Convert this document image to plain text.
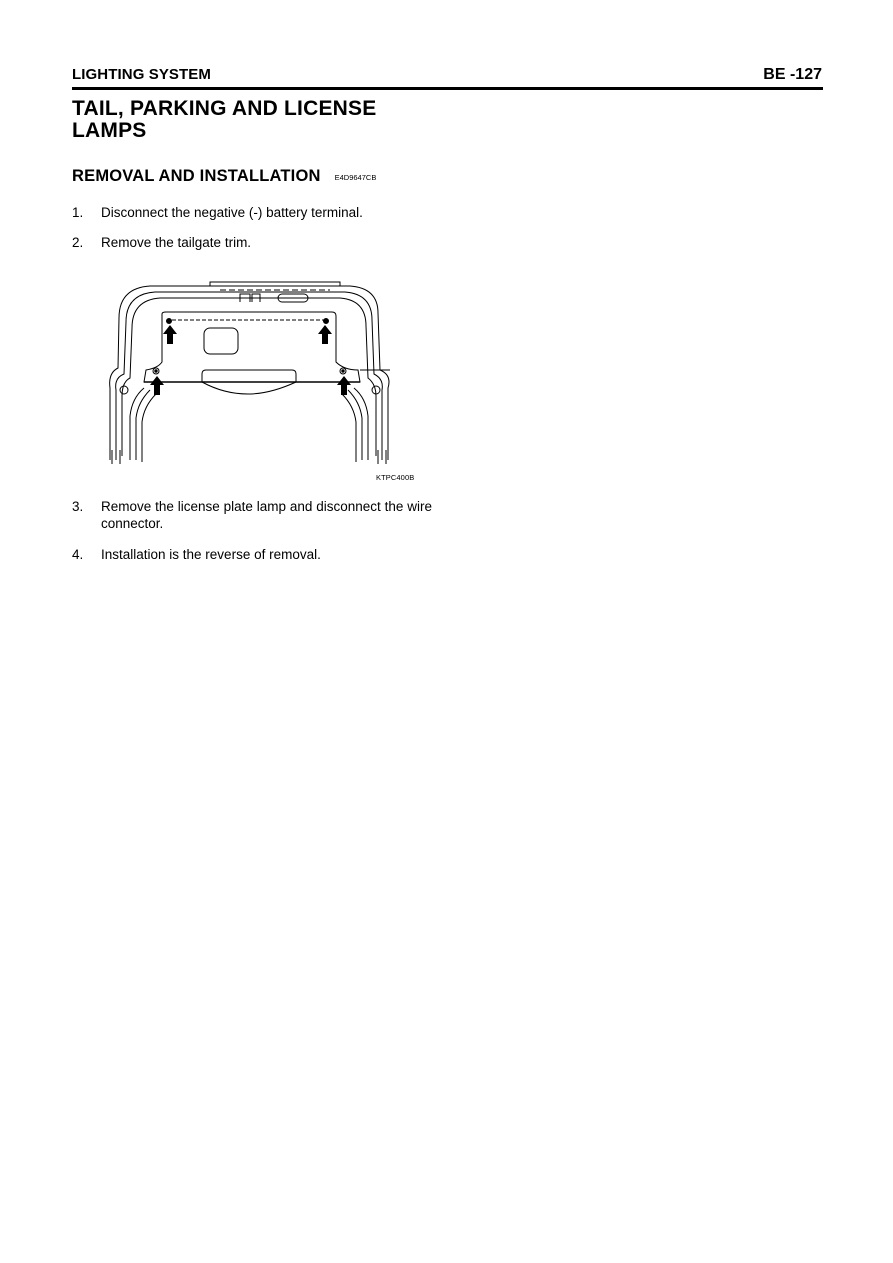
LIGHTING SYSTEM	BE -127
TAIL, PARKING AND LICENSE LAMPS
REMOVAL AND INSTALLATION E4D9647CB
1.	Disconnect the negative (-) battery terminal.
2.	Remove the tailgate trim.
KTPC400B
3.	Remove the license plate lamp and disconnect the wire connector.
4.	Installation is the reverse of removal.
